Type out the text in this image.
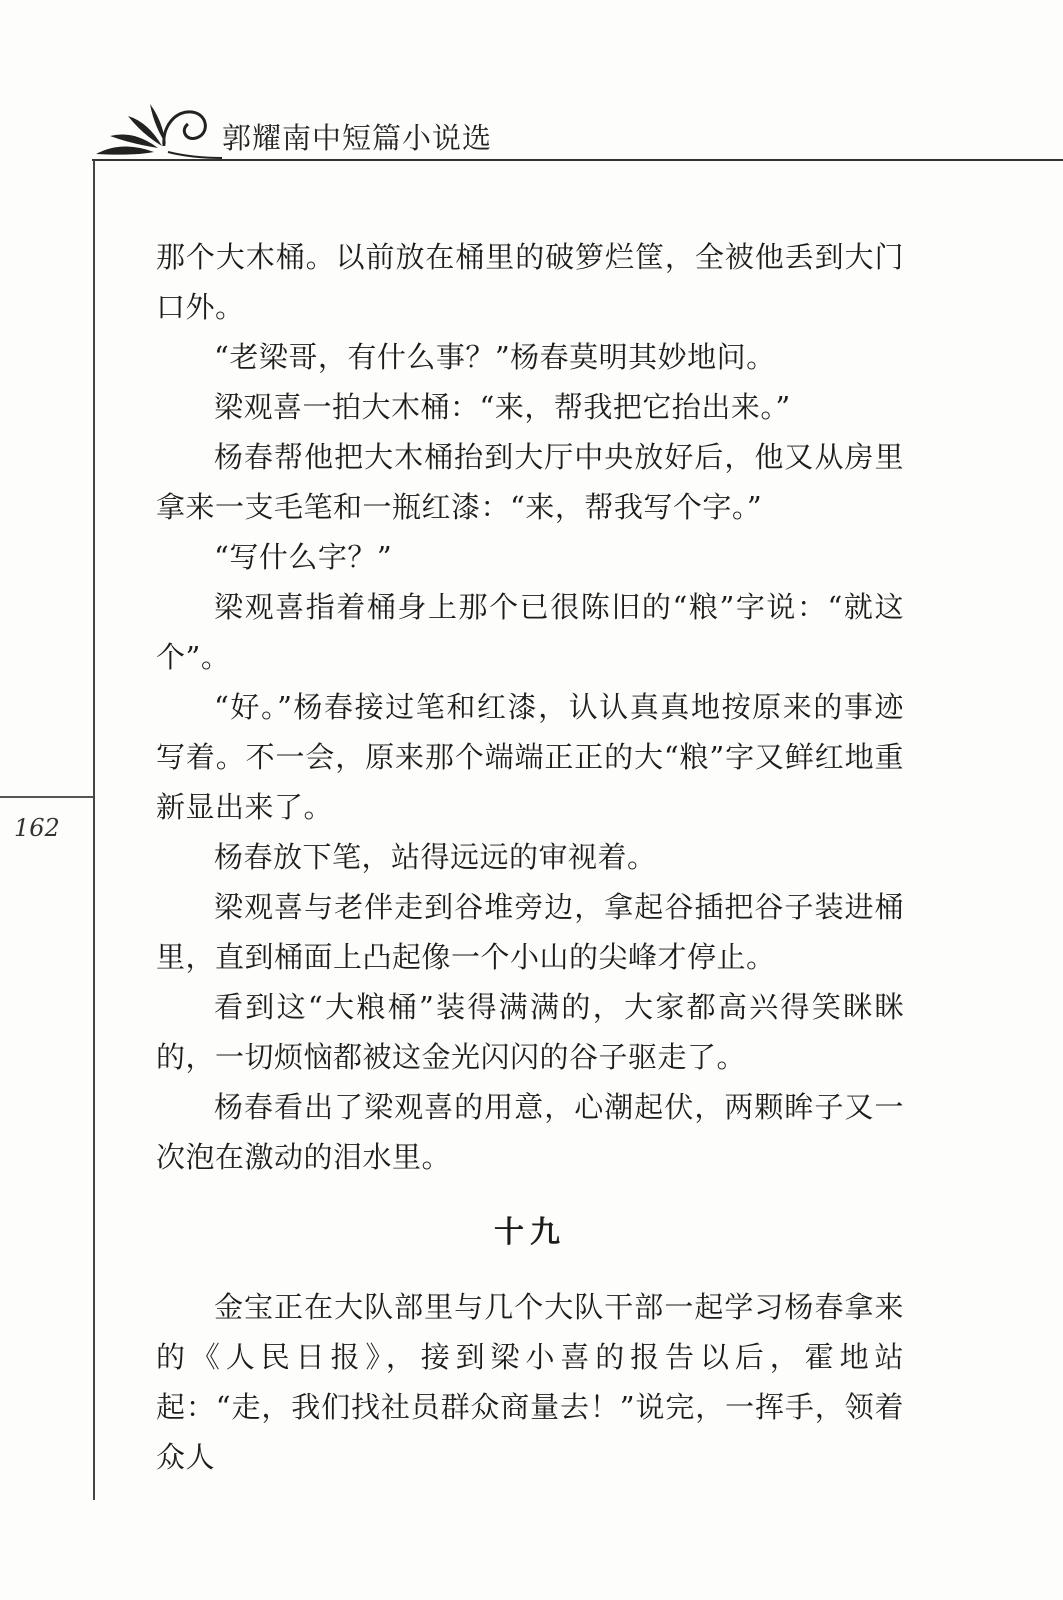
郭耀南中短篇小说选
162

那个大木桶。以前放在桶里的破箩烂筐，全被他丢到大门口外。

“老梁哥，有什么事？”杨春莫明其妙地问。

梁观喜一拍大木桶：“来，帮我把它抬出来。”

杨春帮他把大木桶抬到大厅中央放好后，他又从房里拿来一支毛笔和一瓶红漆：“来，帮我写个字。”

“写什么字？”

梁观喜指着桶身上那个已很陈旧的“粮”字说：“就这个”。

“好。”杨春接过笔和红漆，认认真真地按原来的事迹写着。不一会，原来那个端端正正的大“粮”字又鲜红地重新显出来了。

杨春放下笔，站得远远的审视着。

梁观喜与老伴走到谷堆旁边，拿起谷插把谷子装进桶里，直到桶面上凸起像一个小山的尖峰才停止。

看到这“大粮桶”装得满满的，大家都高兴得笑眯眯的，一切烦恼都被这金光闪闪的谷子驱走了。

杨春看出了梁观喜的用意，心潮起伏，两颗眸子又一次泡在激动的泪水里。

十九

金宝正在大队部里与几个大队干部一起学习杨春拿来的《人民日报》，接到梁小喜的报告以后，霍地站起：“走，我们找社员群众商量去！”说完，一挥手，领着众人
